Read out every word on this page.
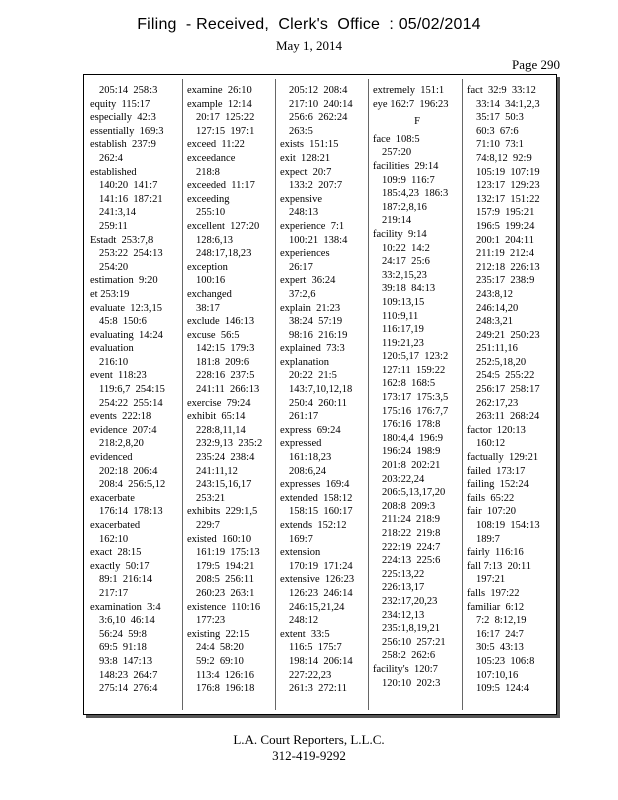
Filing  - Received,  Clerk's  Office  : 05/02/2014
May 1, 2014
Page 290
205:14  258:3
equity  115:17
especially  42:3
essentially  169:3
establish  237:9
262:4
established
140:20  141:7
141:16  187:21
241:3,14
259:11
Estadt  253:7,8
253:22  254:13
254:20
estimation  9:20
et 253:19
evaluate  12:3,15
45:8  150:6
evaluating  14:24
evaluation
216:10
event  118:23
119:6,7  254:15
254:22  255:14
events  222:18
evidence  207:4
218:2,8,20
evidenced
202:18  206:4
208:4  256:5,12
exacerbate
176:14  178:13
exacerbated
162:10
exact  28:15
exactly  50:17
89:1  216:14
217:17
examination  3:4
3:6,10  46:14
56:24  59:8
69:5  91:18
93:8  147:13
148:23  264:7
275:14  276:4
examine  26:10
example  12:14
20:17  125:22
127:15  197:1
exceed  11:22
exceedance
218:8
exceeded  11:17
exceeding
255:10
excellent  127:20
128:6,13
248:17,18,23
exception
100:16
exchanged
38:17
exclude  146:13
excuse  56:5
142:15  179:3
181:8  209:6
228:16  237:5
241:11  266:13
exercise  79:24
exhibit  65:14
228:8,11,14
232:9,13  235:2
235:24  238:4
241:11,12
243:15,16,17
253:21
exhibits  229:1,5
229:7
existed  160:10
161:19  175:13
179:5  194:21
208:5  256:11
260:23  263:1
existence  110:16
177:23
existing  22:15
24:4  58:20
59:2  69:10
113:4  126:16
176:8  196:18
205:12  208:4
217:10  240:14
256:6  262:24
263:5
exists  151:15
exit  128:21
expect  20:7
133:2  207:7
expensive
248:13
experience  7:1
100:21  138:4
experiences
26:17
expert  36:24
37:2,6
explain  21:23
38:24  57:19
98:16  216:19
explained  73:3
explanation
20:22  21:5
143:7,10,12,18
250:4  260:11
261:17
express  69:24
expressed
161:18,23
208:6,24
expresses  169:4
extended  158:12
158:15  160:17
extends  152:12
169:7
extension
170:19  171:24
extensive  126:23
126:23  246:14
246:15,21,24
248:12
extent  33:5
116:5  175:7
198:14  206:14
227:22,23
261:3  272:11
extremely  151:1
eye 162:7  196:23
F
face  108:5
257:20
facilities  29:14
109:9  116:7
185:4,23  186:3
187:2,8,16
219:14
facility  9:14
10:22  14:2
24:17  25:6
33:2,15,23
39:18  84:13
109:13,15
110:9,11
116:17,19
119:21,23
120:5,17  123:2
127:11  159:22
162:8  168:5
173:17  175:3,5
175:16  176:7,7
176:16  178:8
180:4,4  196:9
196:24  198:9
201:8  202:21
203:22,24
206:5,13,17,20
208:8  209:3
211:24  218:9
218:22  219:8
222:19  224:7
224:13  225:6
225:13,22
226:13,17
232:17,20,23
234:12,13
235:1,8,19,21
256:10  257:21
258:2  262:6
facility's  120:7
120:10  202:3
fact  32:9  33:12
33:14  34:1,2,3
35:17  50:3
60:3  67:6
71:10  73:1
74:8,12  92:9
105:19  107:19
123:17  129:23
132:17  151:22
157:9  195:21
196:5  199:24
200:1  204:11
211:19  212:4
212:18  226:13
235:17  238:9
243:8,12
246:14,20
248:3,21
249:21  250:23
251:11,16
252:5,18,20
254:5  255:22
256:17  258:17
262:17,23
263:11  268:24
factor  120:13
160:12
factually  129:21
failed  173:17
failing  152:24
fails  65:22
fair  107:20
108:19  154:13
189:7
fairly  116:16
fall 7:13  20:11
197:21
falls  197:22
familiar  6:12
7:2  8:12,19
16:17  24:7
30:5  43:13
105:23  106:8
107:10,16
109:5  124:4
L.A. Court Reporters, L.L.C.
312-419-9292
